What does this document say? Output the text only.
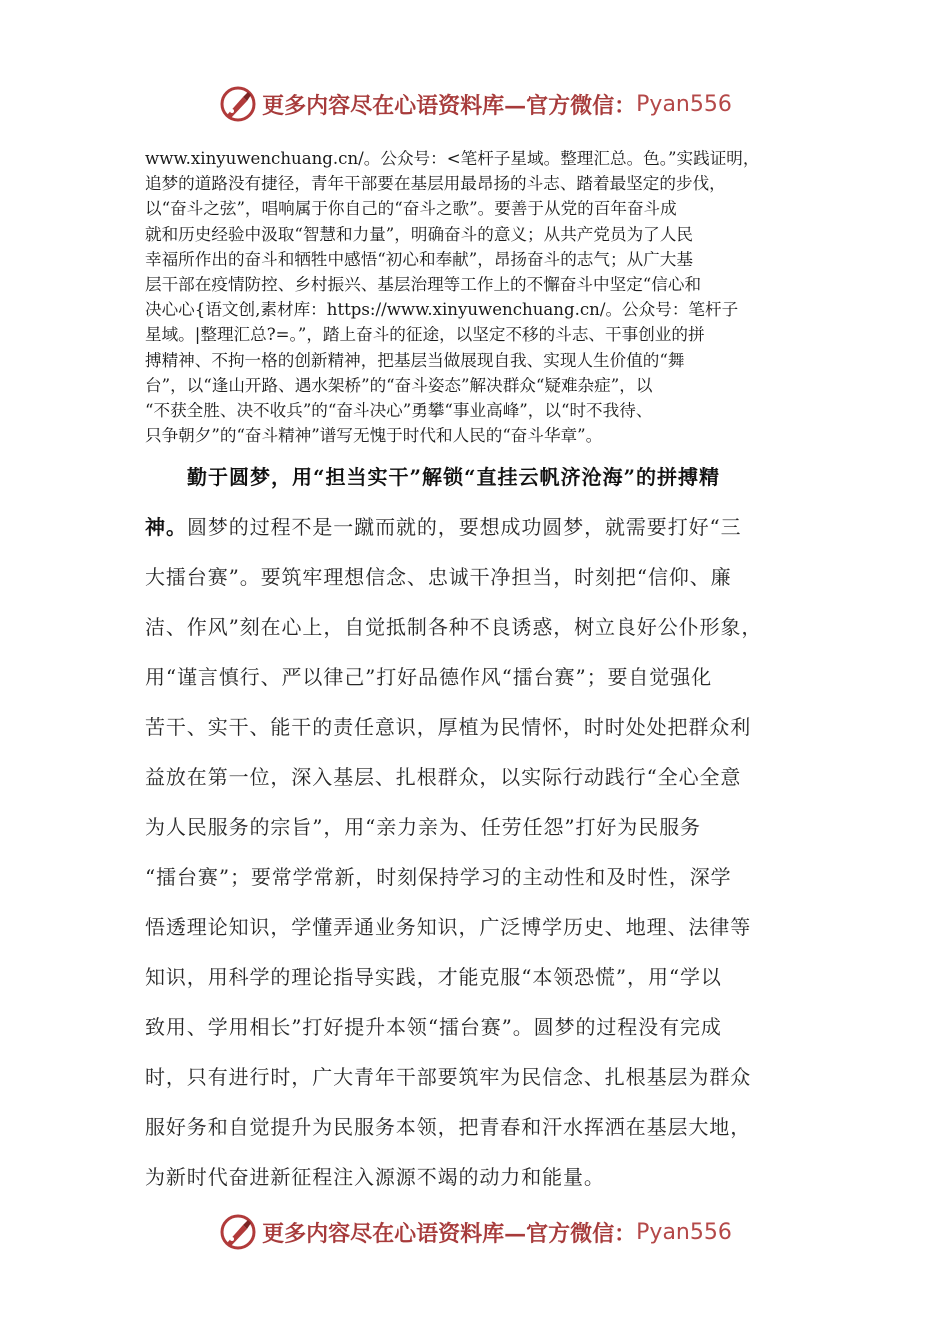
更多内容尽在心语资料库—官方微信： Pyan556
www.xinyuwenchuang.cn/。公众号：<笔杆子星域。整理汇总。色。”实践证明，
追梦的道路没有捷径，青年干部要在基层用最昂扬的斗志、踏着最坚定的步伐，
以“奋斗之弦”，唱响属于你自己的“奋斗之歌”。要善于从党的百年奋斗成
就和历史经验中汲取“智慧和力量”，明确奋斗的意义；从共产党员为了人民
幸福所作出的奋斗和牺牲中感悟“初心和奉献”，昂扬奋斗的志气；从广大基
层干部在疫情防控、乡村振兴、基层治理等工作上的不懈奋斗中坚定“信心和
决心心{语文创,素材库：https://www.xinyuwenchuang.cn/。公众号：笔杆子
星域。|整理汇总?=。”，踏上奋斗的征途，以坚定不移的斗志、干事创业的拼
搏精神、不拘一格的创新精神，把基层当做展现自我、实现人生价值的“舞
台”，以“逢山开路、遇水架桥”的“奋斗姿态”解决群众“疑难杂症”，以
“不获全胜、决不收兵”的“奋斗决心”勇攀“事业高峰”，以“时不我待、
只争朝夕”的“奋斗精神”谱写无愧于时代和人民的“奋斗华章”。
勤于圆梦，用“担当实干”解锁“直挂云帆济沧海”的拼搏精
神。圆梦的过程不是一蹴而就的，要想成功圆梦，就需要打好“三
大擂台赛”。要筑牢理想信念、忠诚干净担当，时刻把“信仰、廉
洁、作风”刻在心上，自觉抵制各种不良诱惑，树立良好公仆形象，
用“谨言慎行、严以律己”打好品德作风“擂台赛”；要自觉强化
苦干、实干、能干的责任意识，厚植为民情怀，时时处处把群众利
益放在第一位，深入基层、扎根群众，以实际行动践行“全心全意
为人民服务的宗旨”，用“亲力亲为、任劳任怨”打好为民服务
“擂台赛”；要常学常新，时刻保持学习的主动性和及时性，深学
悟透理论知识，学懂弄通业务知识，广泛博学历史、地理、法律等
知识，用科学的理论指导实践，才能克服“本领恐慌”，用“学以
致用、学用相长”打好提升本领“擂台赛”。圆梦的过程没有完成
时，只有进行时，广大青年干部要筑牢为民信念、扎根基层为群众
服好务和自觉提升为民服务本领，把青春和汗水挥洒在基层大地，
为新时代奋进新征程注入源源不竭的动力和能量。
更多内容尽在心语资料库—官方微信： Pyan556
